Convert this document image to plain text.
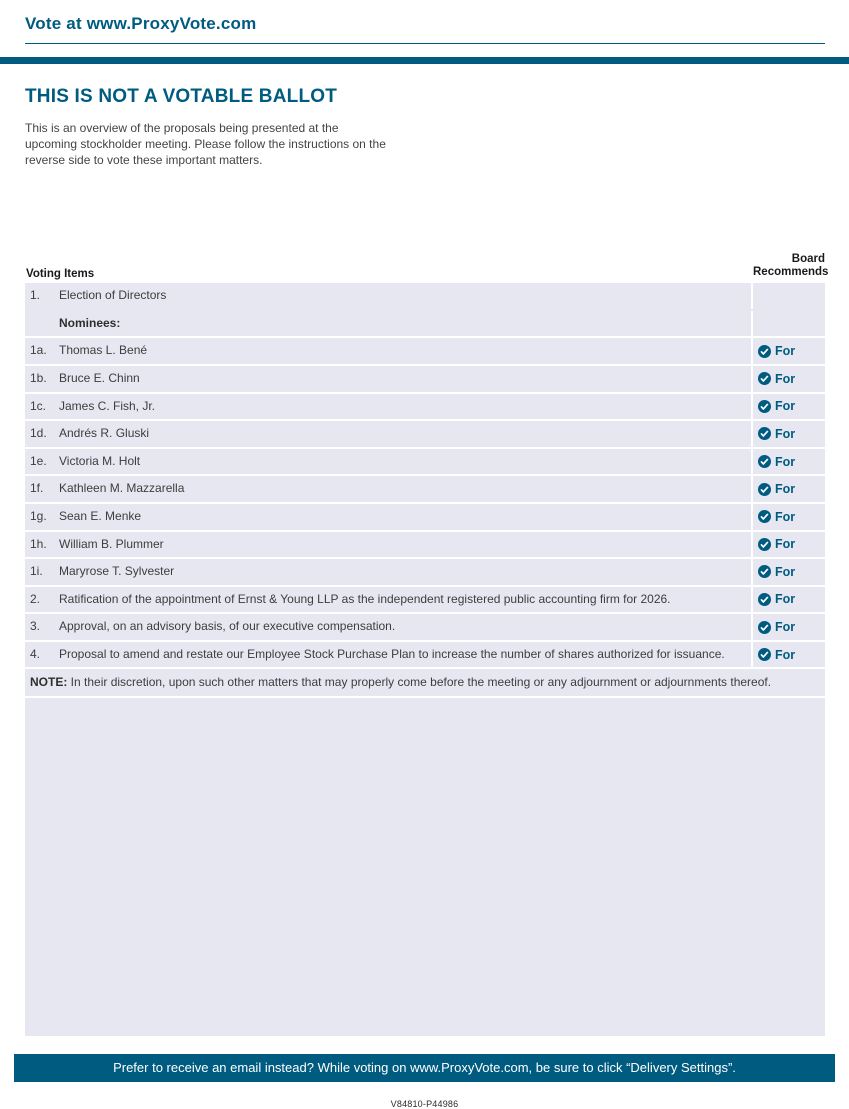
Vote at www.ProxyVote.com
THIS IS NOT A VOTABLE BALLOT

This is an overview of the proposals being presented at the upcoming stockholder meeting. Please follow the instructions on the reverse side to vote these important matters.

Voting Items
Board Recommends
1.	Election of Directors
Nominees:
1a.	Thomas L. Bené	For
1b.	Bruce E. Chinn	For
1c.	James C. Fish, Jr.	For
1d.	Andrés R. Gluski	For
1e.	Victoria M. Holt	For
1f.	Kathleen M. Mazzarella	For
1g.	Sean E. Menke	For
1h.	William B. Plummer	For
1i.	Maryrose T. Sylvester	For
2.	Ratification of the appointment of Ernst & Young LLP as the independent registered public accounting firm for 2026.	For
3.	Approval, on an advisory basis, of our executive compensation.	For
4.	Proposal to amend and restate our Employee Stock Purchase Plan to increase the number of shares authorized for issuance.	For
NOTE: In their discretion, upon such other matters that may properly come before the meeting or any adjournment or adjournments thereof.
Prefer to receive an email instead? While voting on www.ProxyVote.com, be sure to click “Delivery Settings”.
V84810-P44986
